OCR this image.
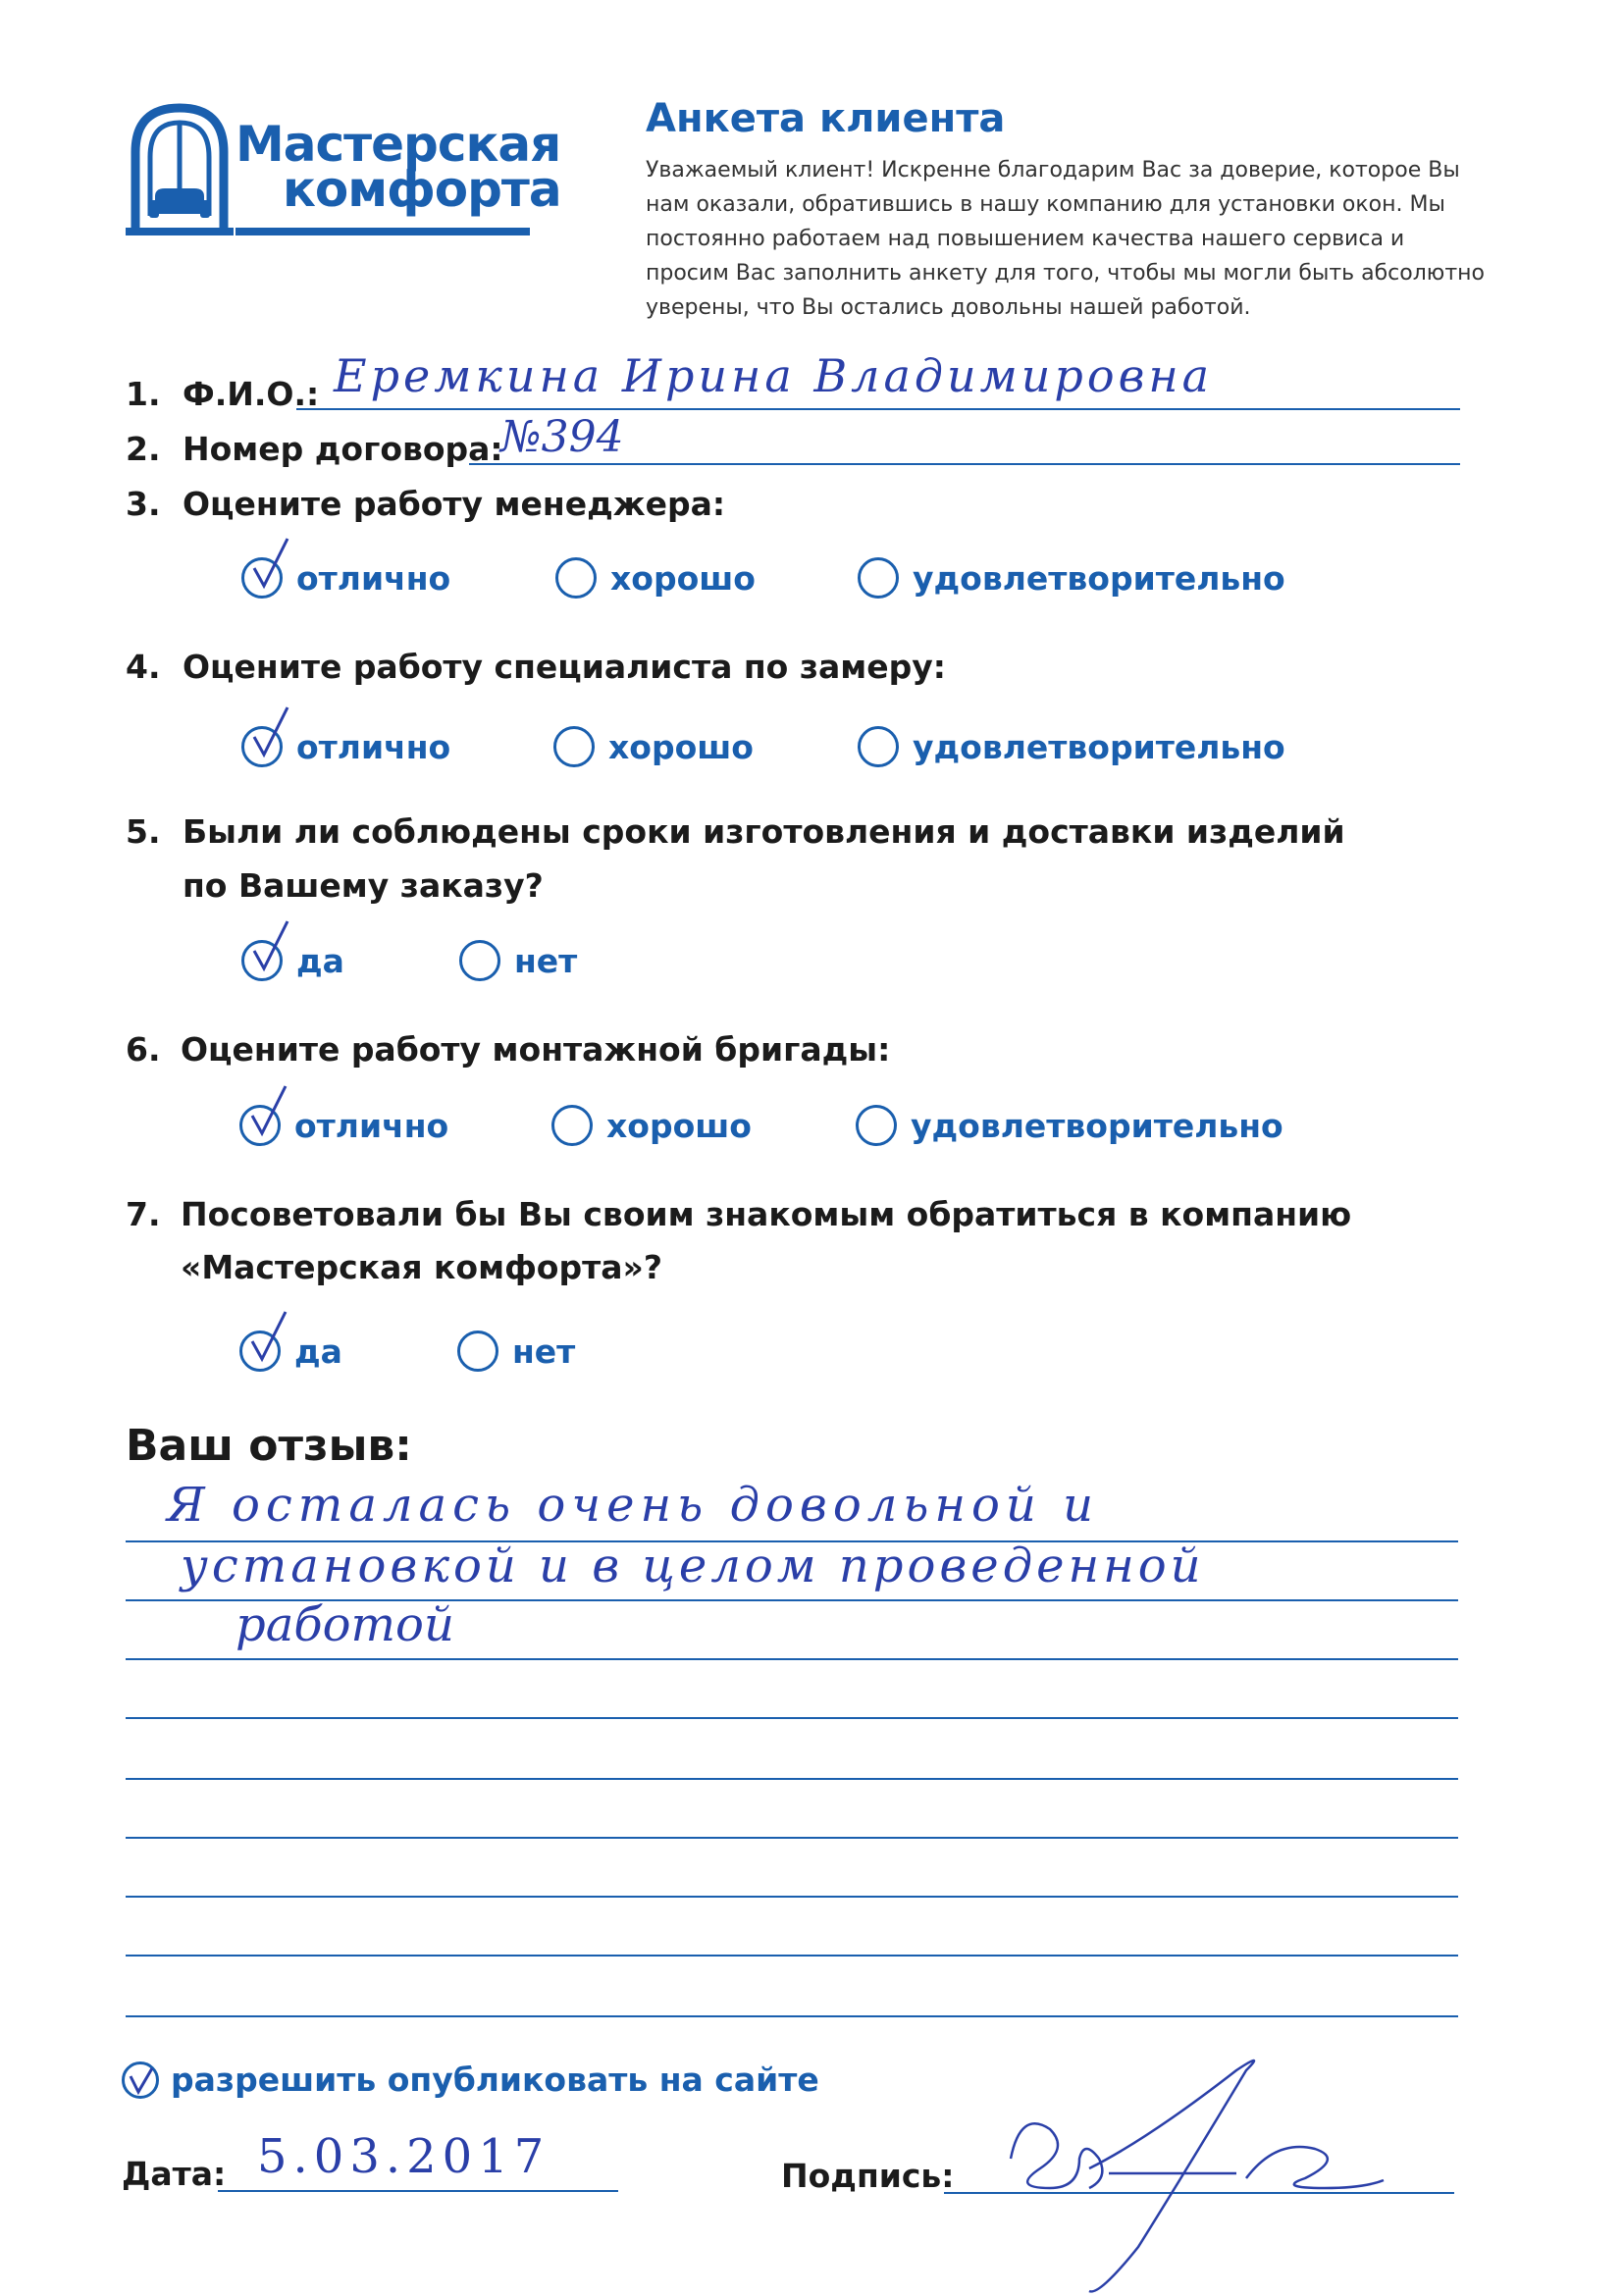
Мастерская
комфорта
Анкета клиента
Уважаемый клиент! Искренне благодарим Вас за доверие, которое Вы нам оказали, обратившись в нашу компанию для установки окон. Мы постоянно работаем над повышением качества нашего сервиса и просим Вас заполнить анкету для того, чтобы мы могли быть абсолютно уверены, что Вы остались довольны нашей работой.
1. Ф.И.О.: Еремкина Ирина Владимировна
2. Номер договора:
№394
3. Оцените работу менеджера:
отлично	хорошо	удовлетворительно
4. Оцените работу специалиста по замеру:
отлично	хорошо	удовлетворительно
5. Были ли соблюдены сроки изготовления и доставки изделий
по Вашему заказу?
да	нет
6. Оцените работу монтажной бригады:
отлично	хорошо	удовлетворительно
7. Посоветовали бы Вы своим знакомым обратиться в компанию
«Мастерская комфорта»?
да	нет
Ваш отзыв:
Я осталась очень довольной и
установкой и в целом проведенной
работой
разрешить опубликовать на сайте
Дата: 5.03.2017	Подпись:
